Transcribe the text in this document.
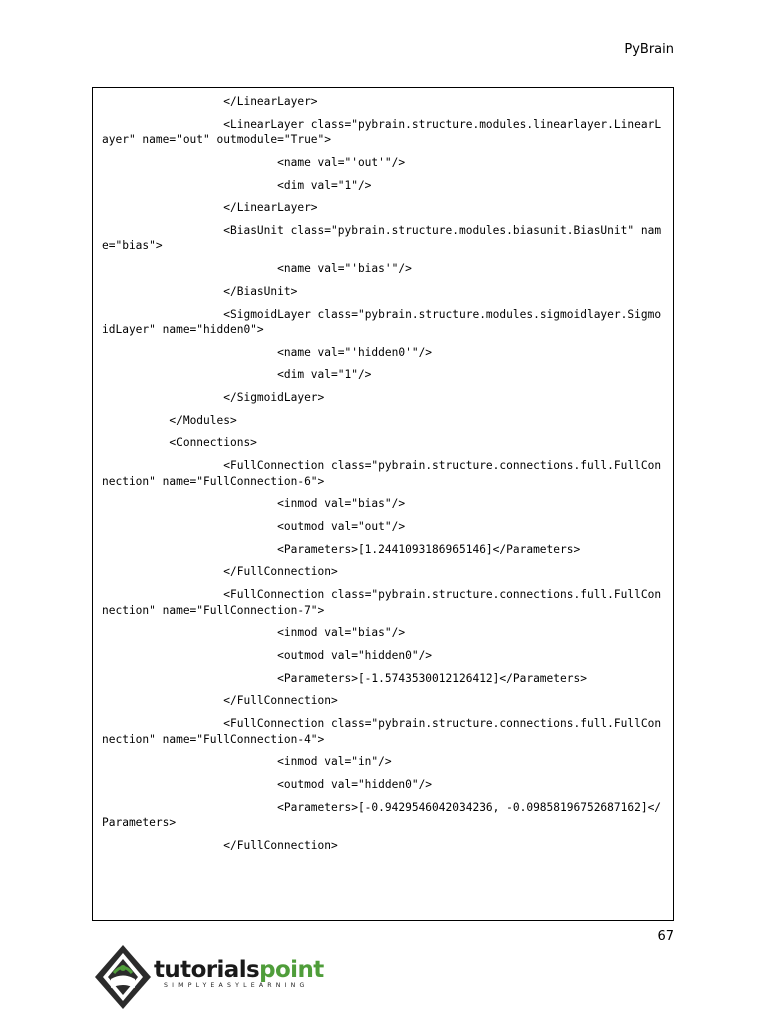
PyBrain
</LinearLayer>
<LinearLayer class="pybrain.structure.modules.linearlayer.LinearLayer" name="out" outmodule="True">
<name val="'out'"/>
<dim val="1"/>
</LinearLayer>
<BiasUnit class="pybrain.structure.modules.biasunit.BiasUnit" name="bias">
<name val="'bias'"/>
</BiasUnit>
<SigmoidLayer class="pybrain.structure.modules.sigmoidlayer.SigmoidLayer" name="hidden0">
<name val="'hidden0'"/>
<dim val="1"/>
</SigmoidLayer>
</Modules>
<Connections>
<FullConnection class="pybrain.structure.connections.full.FullConnection" name="FullConnection-6">
<inmod val="bias"/>
<outmod val="out"/>
<Parameters>[1.2441093186965146]</Parameters>
</FullConnection>
<FullConnection class="pybrain.structure.connections.full.FullConnection" name="FullConnection-7">
<inmod val="bias"/>
<outmod val="hidden0"/>
<Parameters>[-1.5743530012126412]</Parameters>
</FullConnection>
<FullConnection class="pybrain.structure.connections.full.FullConnection" name="FullConnection-4">
<inmod val="in"/>
<outmod val="hidden0"/>
<Parameters>[-0.9429546042034236, -0.09858196752687162]</Parameters>
</FullConnection>
67
tutorialspoint
SIMPLYEASYLEARNING
